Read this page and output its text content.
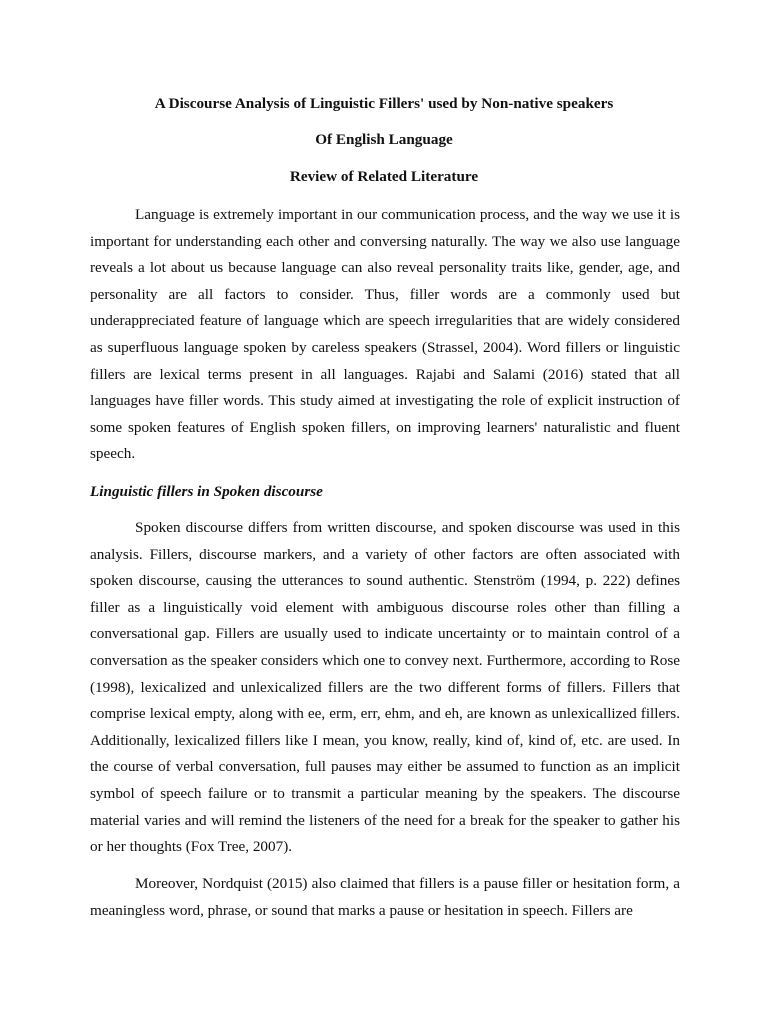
A Discourse Analysis of Linguistic Fillers' used by Non-native speakers

Of English Language

Review of Related Literature

Language is extremely important in our communication process, and the way we use it is important for understanding each other and conversing naturally. The way we also use language reveals a lot about us because language can also reveal personality traits like, gender, age, and personality are all factors to consider. Thus, filler words are a commonly used but underappreciated feature of language which are speech irregularities that are widely considered as superfluous language spoken by careless speakers (Strassel, 2004). Word fillers or linguistic fillers are lexical terms present in all languages. Rajabi and Salami (2016) stated that all languages have filler words. This study aimed at investigating the role of explicit instruction of some spoken features of English spoken fillers, on improving learners' naturalistic and fluent speech.

Linguistic fillers in Spoken discourse

Spoken discourse differs from written discourse, and spoken discourse was used in this analysis. Fillers, discourse markers, and a variety of other factors are often associated with spoken discourse, causing the utterances to sound authentic. Stenström (1994, p. 222) defines filler as a linguistically void element with ambiguous discourse roles other than filling a conversational gap. Fillers are usually used to indicate uncertainty or to maintain control of a conversation as the speaker considers which one to convey next. Furthermore, according to Rose (1998), lexicalized and unlexicalized fillers are the two different forms of fillers. Fillers that comprise lexical empty, along with ee, erm, err, ehm, and eh, are known as unlexicallized fillers. Additionally, lexicalized fillers like I mean, you know, really, kind of, kind of, etc. are used. In the course of verbal conversation, full pauses may either be assumed to function as an implicit symbol of speech failure or to transmit a particular meaning by the speakers. The discourse material varies and will remind the listeners of the need for a break for the speaker to gather his or her thoughts (Fox Tree, 2007).

Moreover, Nordquist (2015) also claimed that fillers is a pause filler or hesitation form, a meaningless word, phrase, or sound that marks a pause or hesitation in speech. Fillers are
